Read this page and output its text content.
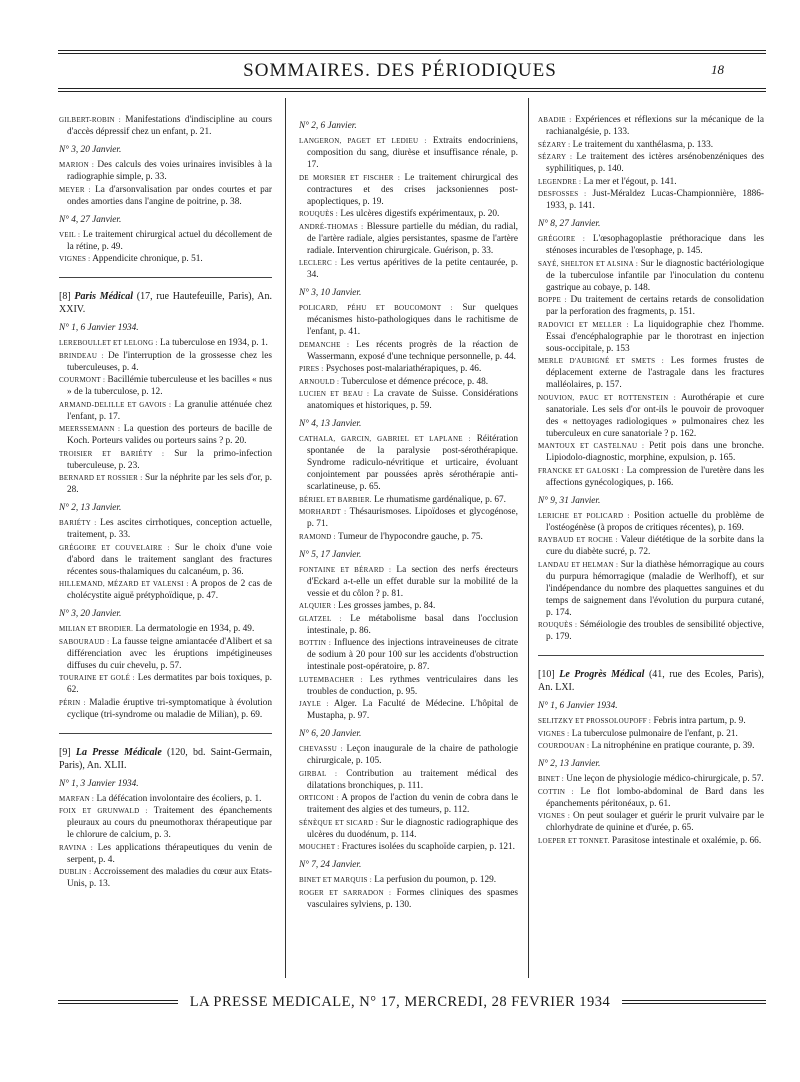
SOMMAIRES. DES PÉRIODIQUES	18
GILBERT-ROBIN : Manifestations d'indiscipline au cours d'accès dépressif chez un enfant, p. 21.
N° 3, 20 Janvier.
MARION : Des calculs des voies urinaires invisibles à la radiographie simple, p. 33.
MEYER : La d'arsonvalisation par ondes courtes et par ondes amorties dans l'angine de poitrine, p. 38.
N° 4, 27 Janvier.
VEIL : Le traitement chirurgical actuel du décollement de la rétine, p. 49.
VIGNES : Appendicite chronique, p. 51.
[8] Paris Médical (17, rue Hautefeuille, Paris), An. XXIV.
N° 1, 6 Janvier 1934.
LEREBOULLET ET LELONG : La tuberculose en 1934, p. 1.
BRINDEAU : De l'interruption de la grossesse chez les tuberculeuses, p. 4.
COURMONT : Bacillémie tuberculeuse et les bacilles « nus » de la tuberculose, p. 12.
ARMAND-DELILLE ET GAVOIS : La granulie atténuée chez l'enfant, p. 17.
MEERSSEMANN : La question des porteurs de bacille de Koch. Porteurs valides ou porteurs sains ? p. 20.
TROISIER ET BARIÉTY : Sur la primo-infection tuberculeuse, p. 23.
BERNARD ET ROSSIER : Sur la néphrite par les sels d'or, p. 28.
N° 2, 13 Janvier.
BARIÉTY : Les ascites cirrhotiques, conception actuelle, traitement, p. 33.
GRÉGOIRE ET COUVELAIRE : Sur le choix d'une voie d'abord dans le traitement sanglant des fractures récentes sous-thalamiques du calcanéum, p. 36.
HILLEMAND, MÉZARD ET VALENSI : A propos de 2 cas de cholécystite aiguë prétyphoïdique, p. 47.
N° 3, 20 Janvier.
MILIAN ET BRODIER. La dermatologie en 1934, p. 49.
SABOURAUD : La fausse teigne amiantacée d'Alibert et sa différenciation avec les éruptions impétigineuses diffuses du cuir chevelu, p. 57.
TOURAINE ET GOLÉ : Les dermatites par bois toxiques, p. 62.
PÉRIN : Maladie éruptive tri-symptomatique à évolution cyclique (tri-syndrome ou maladie de Milian), p. 69.
[9] La Presse Médicale (120, bd. Saint-Germain, Paris), An. XLII.
N° 1, 3 Janvier 1934.
MARFAN : La défécation involontaire des écoliers, p. 1.
FOIX ET GRUNWALD : Traitement des épanchements pleuraux au cours du pneumothorax thérapeutique par le chlorure de calcium, p. 3.
RAVINA : Les applications thérapeutiques du venin de serpent, p. 4.
DUBLIN : Accroissement des maladies du cœur aux Etats-Unis, p. 13.
N° 2, 6 Janvier.
LANGERON, PAGET ET LEDIEU : Extraits endocriniens, composition du sang, diurèse et insuffisance rénale, p. 17.
DE MORSIER ET FISCHER : Le traitement chirurgical des contractures et des crises jacksoniennes post-apoplectiques, p. 19.
ROUQUÈS : Les ulcères digestifs expérimentaux, p. 20.
ANDRÉ-THOMAS : Blessure partielle du médian, du radial, de l'artère radiale, algies persistantes, spasme de l'artère radiale. Intervention chirurgicale. Guérison, p. 33.
LECLERC : Les vertus apéritives de la petite centaurée, p. 34.
N° 3, 10 Janvier.
POLICARD, PÉHU ET BOUCOMONT : Sur quelques mécanismes histo-pathologiques dans le rachitisme de l'enfant, p. 41.
DEMANCHE : Les récents progrès de la réaction de Wassermann, exposé d'une technique personnelle, p. 44.
PIRES : Psychoses post-malariathérapiques, p. 46.
ARNOULD : Tuberculose et démence précoce, p. 48.
LUCIEN ET BEAU : La cravate de Suisse. Considérations anatomiques et historiques, p. 59.
N° 4, 13 Janvier.
CATHALA, GARCIN, GABRIEL ET LAPLANE : Réitération spontanée de la paralysie post-sérothérapique. Syndrome radiculo-névritique et urticaire, évoluant conjointement par poussées après sérothérapie anti-scarlatineuse, p. 65.
BÉRIEL ET BARBIER. Le rhumatisme gardénalique, p. 67.
MORHARDT : Thésaurismoses. Lipoïdoses et glycogénose, p. 71.
RAMOND : Tumeur de l'hypocondre gauche, p. 75.
N° 5, 17 Janvier.
FONTAINE ET BÉRARD : La section des nerfs érecteurs d'Eckard a-t-elle un effet durable sur la mobilité de la vessie et du côlon ? p. 81.
ALQUIER : Les grosses jambes, p. 84.
GLATZEL : Le métabolisme basal dans l'occlusion intestinale, p. 86.
BOTTIN : Influence des injections intraveineuses de citrate de sodium à 20 pour 100 sur les accidents d'obstruction intestinale post-opératoire, p. 87.
LUTEMBACHER : Les rythmes ventriculaires dans les troubles de conduction, p. 95.
JAYLE : Alger. La Faculté de Médecine. L'hôpital de Mustapha, p. 97.
N° 6, 20 Janvier.
CHEVASSU : Leçon inaugurale de la chaire de pathologie chirurgicale, p. 105.
GIRBAL : Contribution au traitement médical des dilatations bronchiques, p. 111.
ORTICONI : A propos de l'action du venin de cobra dans le traitement des algies et des tumeurs, p. 112.
SÉNÈQUE ET SICARD : Sur le diagnostic radiographique des ulcères du duodénum, p. 114.
MOUCHET : Fractures isolées du scaphoïde carpien, p. 121.
N° 7, 24 Janvier.
BINET ET MARQUIS : La perfusion du poumon, p. 129.
ROGER ET SARRADON : Formes cliniques des spasmes vasculaires sylviens, p. 130.
ABADIE : Expériences et réflexions sur la mécanique de la rachianalgésie, p. 133.
SÉZARY : Le traitement du xanthélasma, p. 133.
SÉZARY : Le traitement des ictères arsénobenzéniques des syphilitiques, p. 140.
LEGENDRE : La mer et l'égout, p. 141.
DESFOSSES : Just-Méraldez Lucas-Championnière, 1886-1933, p. 141.
N° 8, 27 Janvier.
GRÉGOIRE : L'œsophagoplastie préthoracique dans les sténoses incurables de l'œsophage, p. 145.
SAYÉ, SHELTON ET ALSINA : Sur le diagnostic bactériologique de la tuberculose infantile par l'inoculation du contenu gastrique au cobaye, p. 148.
BOPPE : Du traitement de certains retards de consolidation par la perforation des fragments, p. 151.
RADOVICI ET MELLER : La liquidographie chez l'homme. Essai d'encéphalographie par le thorotrast en injection sous-occipitale, p. 153
MERLE D'AUBIGNÉ ET SMETS : Les formes frustes de déplacement externe de l'astragale dans les fractures malléolaires, p. 157.
NOUVION, PAUC ET ROTTENSTEIN : Aurothérapie et cure sanatoriale. Les sels d'or ont-ils le pouvoir de provoquer des « nettoyages radiologiques » pulmonaires chez les tuberculeux en cure sanatoriale ? p. 162.
MANTOUX ET CASTELNAU : Petit pois dans une bronche. Lipiodolo-diagnostic, morphine, expulsion, p. 165.
FRANCKE ET GALOSKI : La compression de l'uretère dans les affections gynécologiques, p. 166.
N° 9, 31 Janvier.
LERICHE ET POLICARD : Position actuelle du problème de l'ostéogénèse (à propos de critiques récentes), p. 169.
RAYBAUD ET ROCHE : Valeur diététique de la sorbite dans la cure du diabète sucré, p. 72.
LANDAU ET HELMAN : Sur la diathèse hémorragique au cours du purpura hémorragique (maladie de Werlhoff), et sur l'indépendance du nombre des plaquettes sanguines et du temps de saignement dans l'évolution du purpura cutané, p. 174.
ROUQUÈS : Séméiologie des troubles de sensibilité objective, p. 179.
[10] Le Progrès Médical (41, rue des Ecoles, Paris), An. LXI.
N° 1, 6 Janvier 1934.
SELITZKY ET PROSSOLOUPOFF : Febris intra partum, p. 9.
VIGNES : La tuberculose pulmonaire de l'enfant, p. 21.
COURDOUAN : La nitrophénine en pratique courante, p. 39.
N° 2, 13 Janvier.
BINET : Une leçon de physiologie médico-chirurgicale, p. 57.
COTTIN : Le flot lombo-abdominal de Bard dans les épanchements péritonéaux, p. 61.
VIGNES : On peut soulager et guérir le prurit vulvaire par le chlorhydrate de quinine et d'urée, p. 65.
LOEPER ET TONNET. Parasitose intestinale et oxalémie, p. 66.
LA PRESSE MEDICALE, N° 17, MERCREDI, 28 FEVRIER 1934
